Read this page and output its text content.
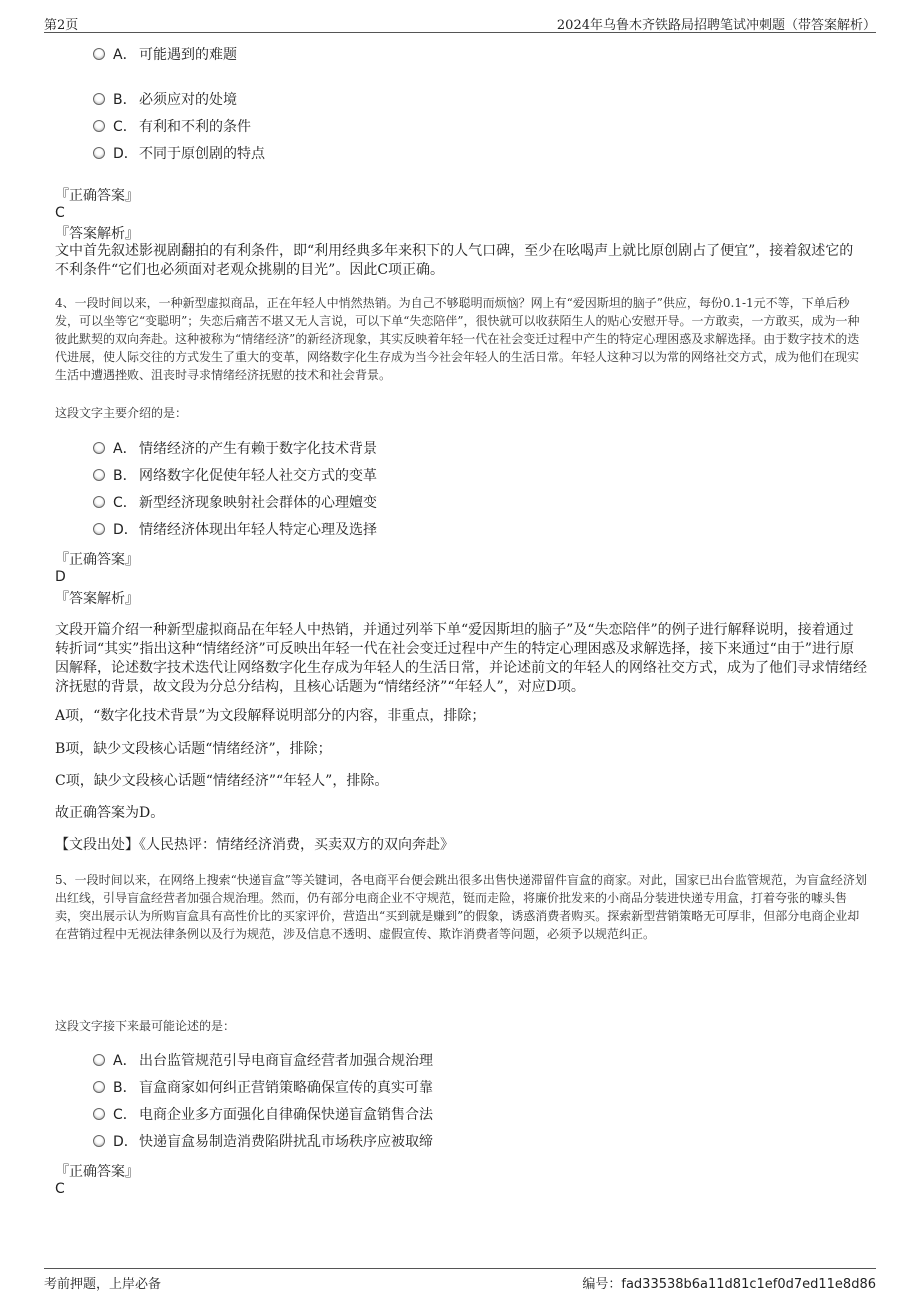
第2页	2024年乌鲁木齐铁路局招聘笔试冲刺题（带答案解析）
A． 可能遇到的难题
B． 必须应对的处境
C． 有利和不利的条件
D．不同于原创剧的特点
『正确答案』
C
『答案解析』
文中首先叙述影视剧翻拍的有利条件，即“利用经典多年来积下的人气口碑，至少在吆喝声上就比原创剧占了便宜”，接着叙述它的不利条件“它们也必须面对老观众挑剔的目光”。因此C项正确。
4、一段时间以来，一种新型虚拟商品，正在年轻人中悄然热销。为自己不够聪明而烦恼？网上有“爱因斯坦的脑子”供应，每份0.1-1元不等，下单后秒发，可以坐等它“变聪明”；失恋后痛苦不堪又无人言说，可以下单“失恋陪伴”，很快就可以收获陌生人的贴心安慰开导。一方敢卖，一方敢买，成为一种彼此默契的双向奔赴。这种被称为“情绪经济”的新经济现象，其实反映着年轻一代在社会变迁过程中产生的特定心理困惑及求解选择。由于数字技术的迭代进展，使人际交往的方式发生了重大的变革，网络数字化生存成为当今社会年轻人的生活日常。年轻人这种习以为常的网络社交方式，成为他们在现实生活中遭遇挫败、沮丧时寻求情绪经济抚慰的技术和社会背景。
这段文字主要介绍的是：
A． 情绪经济的产生有赖于数字化技术背景
B． 网络数字化促使年轻人社交方式的变革
C． 新型经济现象映射社会群体的心理嬗变
D．情绪经济体现出年轻人特定心理及选择
『正确答案』
D
『答案解析』
文段开篇介绍一种新型虚拟商品在年轻人中热销，并通过列举下单“爱因斯坦的脑子”及“失恋陪伴”的例子进行解释说明，接着通过转折词“其实”指出这种“情绪经济”可反映出年轻一代在社会变迁过程中产生的特定心理困惑及求解选择，接下来通过“由于”进行原因解释，论述数字技术迭代让网络数字化生存成为年轻人的生活日常，并论述前文的年轻人的网络社交方式，成为了他们寻求情绪经济抚慰的背景，故文段为分总分结构，且核心话题为“情绪经济”“年轻人”，对应D项。
A项，“数字化技术背景”为文段解释说明部分的内容，非重点，排除；
B项，缺少文段核心话题“情绪经济”，排除；
C项，缺少文段核心话题“情绪经济”“年轻人”，排除。
故正确答案为D。
【文段出处】《人民热评：情绪经济消费，买卖双方的双向奔赴》
5、一段时间以来，在网络上搜索“快递盲盒”等关键词，各电商平台便会跳出很多出售快递滞留件盲盒的商家。对此，国家已出台监管规范，为盲盒经济划出红线，引导盲盒经营者加强合规治理。然而，仍有部分电商企业不守规范，铤而走险，将廉价批发来的小商品分装进快递专用盒，打着夸张的噱头售卖，突出展示认为所购盲盒具有高性价比的买家评价，营造出“买到就是赚到”的假象，诱惑消费者购买。探索新型营销策略无可厚非，但部分电商企业却在营销过程中无视法律条例以及行为规范，涉及信息不透明、虚假宣传、欺诈消费者等问题，必须予以规范纠正。
这段文字接下来最可能论述的是：
A． 出台监管规范引导电商盲盒经营者加强合规治理
B． 盲盒商家如何纠正营销策略确保宣传的真实可靠
C． 电商企业多方面强化自律确保快递盲盒销售合法
D．快递盲盒易制造消费陷阱扰乱市场秩序应被取缔
『正确答案』
C
考前押题，上岸必备	编号：fad33538b6a11d81c1ef0d7ed11e8d86
